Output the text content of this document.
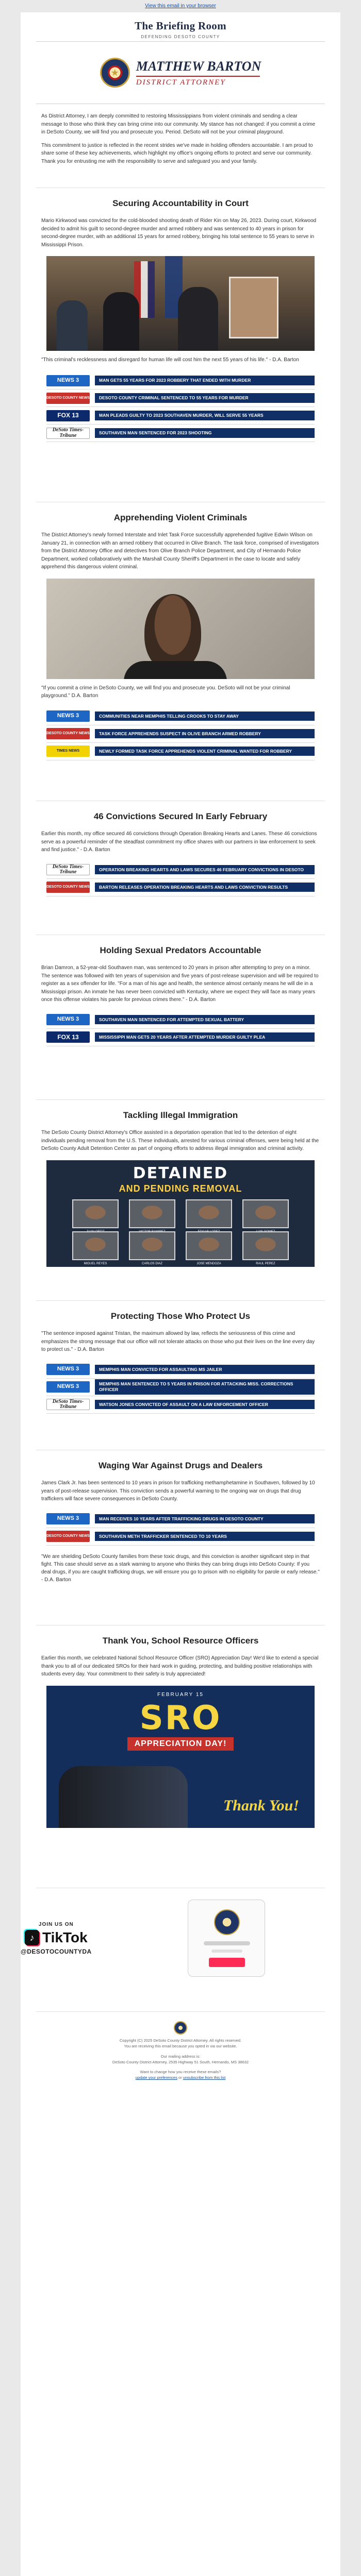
View this email in your browser
The Briefing Room
DEFENDING DESOTO COUNTY
★
MATTHEW BARTON
DISTRICT ATTORNEY

As District Attorney, I am deeply committed to restoring Mississippians from violent criminals and sending a clear message to those who think they can bring crime into our community. My stance has not changed: if you commit a crime in DeSoto County, we will find you and prosecute you. Period. DeSoto will not be your criminal playground.

This commitment to justice is reflected in the recent strides we've made in holding offenders accountable. I am proud to share some of these key achievements, which highlight my office's ongoing efforts to protect and serve our community. Thank you for entrusting me with the responsibility to serve and safeguard you and your family.

Securing Accountability in Court
Mario Kirkwood was convicted for the cold-blooded shooting death of Rider Kin on May 26, 2023. During court, Kirkwood decided to admit his guilt to second-degree murder and armed robbery and was sentenced to 40 years in prison for second-degree murder, with an additional 15 years for armed robbery, bringing his total sentence to 55 years to serve in Mississippi Prison.
"This criminal's recklessness and disregard for human life will cost him the next 55 years of his life." - D.A. Barton
NEWS 3	MAN GETS 55 YEARS FOR 2023 ROBBERY THAT ENDED WITH MURDER
DESOTO COUNTY NEWS	DESOTO COUNTY CRIMINAL SENTENCED TO 55 YEARS FOR MURDER
FOX 13	MAN PLEADS GUILTY TO 2023 SOUTHAVEN MURDER, WILL SERVE 55 YEARS
DeSoto Times-Tribune	SOUTHAVEN MAN SENTENCED FOR 2023 SHOOTING
Apprehending Violent Criminals
The District Attorney's newly formed Interstate and Inlet Task Force successfully apprehended fugitive Edwin Wilson on January 21, in connection with an armed robbery that occurred in Olive Branch. The task force, comprised of investigators from the District Attorney Office and detectives from Olive Branch Police Department, and City of Hernando Police Department, worked collaboratively with the Marshall County Sheriff's Department in the case to locate and safely apprehend this dangerous violent criminal.
"If you commit a crime in DeSoto County, we will find you and prosecute you. DeSoto will not be your criminal playground." D.A. Barton
NEWS 3	COMMUNITIES NEAR MEMPHIS TELLING CROOKS TO STAY AWAY
DESOTO COUNTY NEWS	TASK FORCE APPREHENDS SUSPECT IN OLIVE BRANCH ARMED ROBBERY
TIMES NEWS	NEWLY FORMED TASK FORCE APPREHENDS VIOLENT CRIMINAL WANTED FOR ROBBERY
46 Convictions Secured In Early February
Earlier this month, my office secured 46 convictions through Operation Breaking Hearts and Lanes. These 46 convictions serve as a powerful reminder of the steadfast commitment my office shares with our partners in law enforcement to seek and find justice." - D.A. Barton
DeSoto Times-Tribune	OPERATION BREAKING HEARTS AND LAWS SECURES 46 FEBRUARY CONVICTIONS IN DESOTO
DESOTO COUNTY NEWS	BARTON RELEASES OPERATION BREAKING HEARTS AND LAWS CONVICTION RESULTS
Holding Sexual Predators Accountable
Brian Damron, a 52-year-old Southaven man, was sentenced to 20 years in prison after attempting to prey on a minor. The sentence was followed with ten years of supervision and five years of post-release supervision and will be required to register as a sex offender for life. "For a man of his age and health, the sentence almost certainly means he will die in a Mississippi prison. An inmate he has never been convicted with Kentucky, where we expect they will face as many years once this offense violates his parole for previous crimes there." - D.A. Barton
NEWS 3	SOUTHAVEN MAN SENTENCED FOR ATTEMPTED SEXUAL BATTERY
FOX 13	MISSISSIPPI MAN GETS 20 YEARS AFTER ATTEMPTED MURDER GUILTY PLEA
Tackling Illegal Immigration
The DeSoto County District Attorney's Office assisted in a deportation operation that led to the detention of eight individuals pending removal from the U.S. These individuals, arrested for various criminal offenses, were being held at the DeSoto County Adult Detention Center as part of ongoing efforts to address illegal immigration and criminal activity.
DETAINED
AND PENDING REMOVAL
MIGUEL REYES	CARLOS DIAZ	JOSE MENDOZA	RAUL PEREZ
Protecting Those Who Protect Us
"The sentence imposed against Tristan, the maximum allowed by law, reflects the seriousness of this crime and emphasizes the strong message that our office will not tolerate attacks on those who put their lives on the line every day to protect us." - D.A. Barton
NEWS 3	MEMPHIS MAN CONVICTED FOR ASSAULTING MS JAILER
NEWS 3	MEMPHIS MAN SENTENCED TO 5 YEARS IN PRISON FOR ATTACKING MISS. CORRECTIONS OFFICER
DeSoto Times-Tribune	WATSON JONES CONVICTED OF ASSAULT ON A LAW ENFORCEMENT OFFICER
Waging War Against Drugs and Dealers
James Clark Jr. has been sentenced to 10 years in prison for trafficking methamphetamine in Southaven, followed by 10 years of post-release supervision. This conviction sends a powerful warning to the ongoing war on drugs that drug traffickers will face severe consequences in DeSoto County.
NEWS 3	MAN RECEIVES 10 YEARS AFTER TRAFFICKING DRUGS IN DESOTO COUNTY
DESOTO COUNTY NEWS	SOUTHAVEN METH TRAFFICKER SENTENCED TO 10 YEARS
"We are shielding DeSoto County families from these toxic drugs, and this conviction is another significant step in that fight. This case should serve as a stark warning to anyone who thinks they can bring drugs into DeSoto County: If you deal drugs, if you are caught trafficking drugs, we will ensure you go to prison with no eligibility for parole or early release." - D.A. Barton
Thank You, School Resource Officers
Earlier this month, we celebrated National School Resource Officer (SRO) Appreciation Day! We'd like to extend a special thank you to all of our dedicated SROs for their hard work in guiding, protecting, and building positive relationships with students every day. Your commitment to their safety is truly appreciated!
FEBRUARY 15
SRO
APPRECIATION DAY!
Thank You!
JOIN US ON
♪ TikTok
@DESOTOCOUNTYDA
Copyright (C) 2025 DeSoto County District Attorney. All rights reserved.
You are receiving this email because you opted in via our website.
Our mailing address is:
DeSoto County District Attorney, 2535 Highway 51 South, Hernando, MS 38632
Want to change how you receive these emails?
update your preferences or unsubscribe from this list
